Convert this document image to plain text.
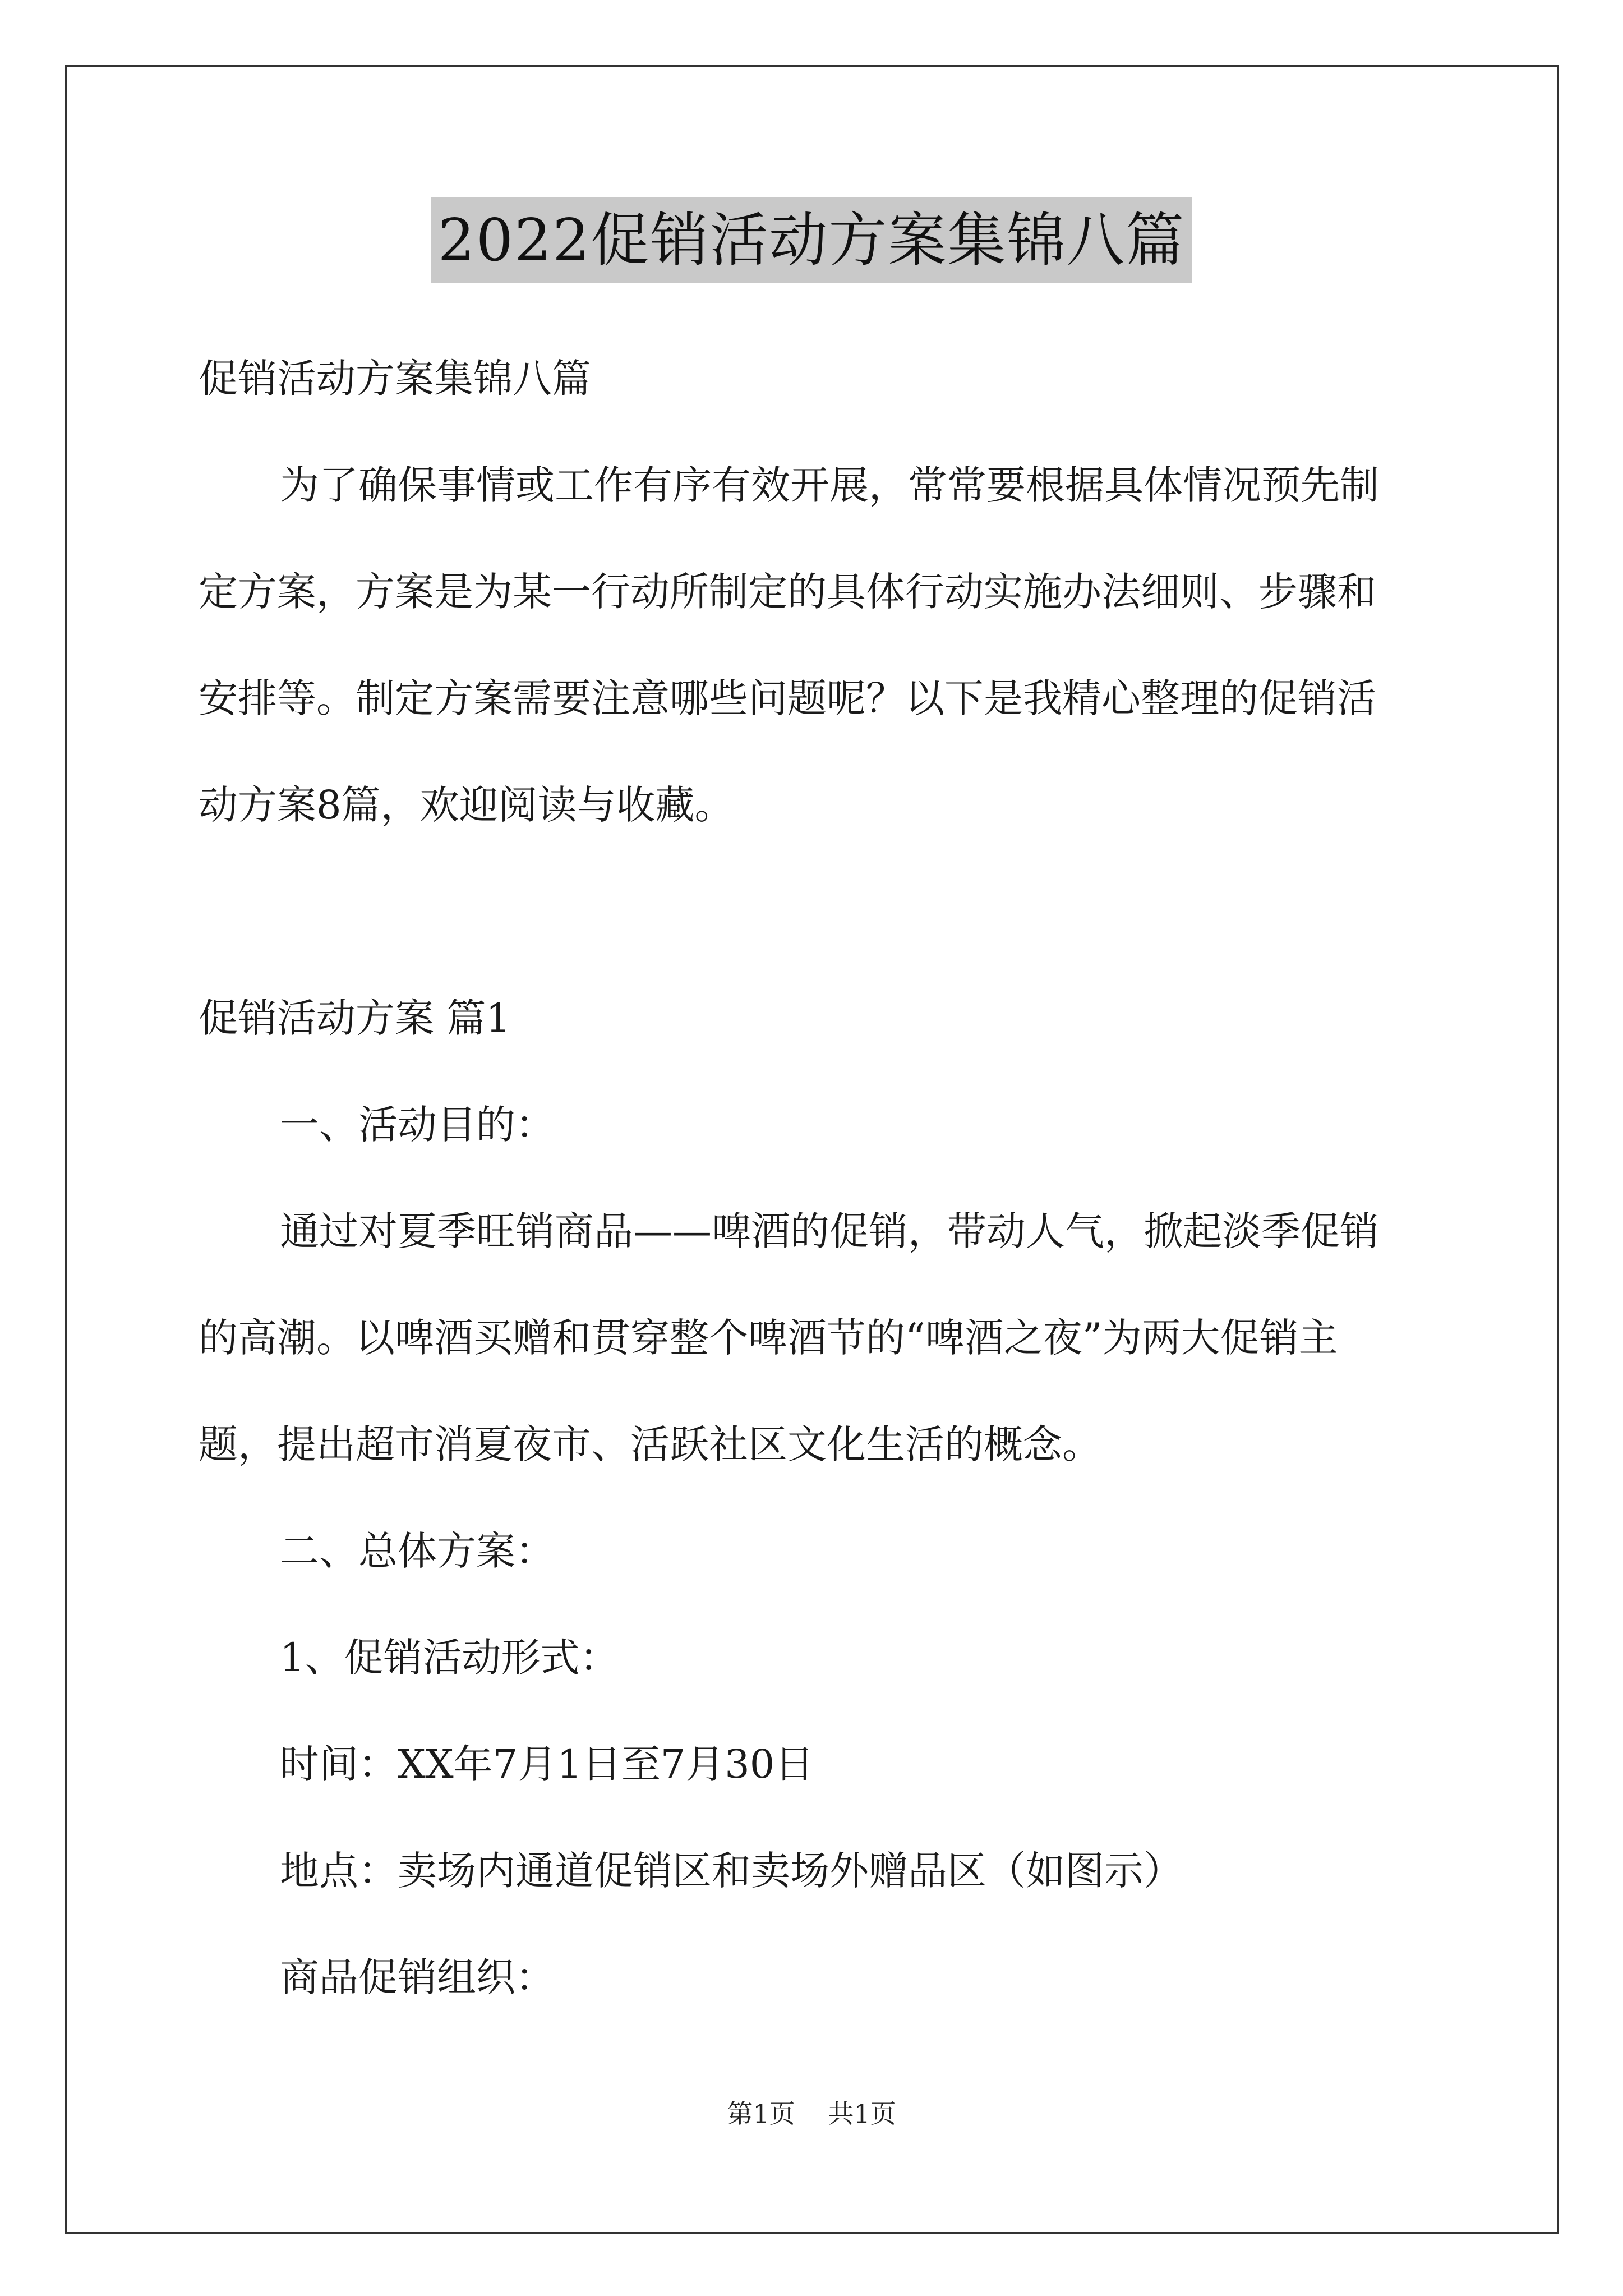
2022促销活动方案集锦八篇

促销活动方案集锦八篇

为了确保事情或工作有序有效开展，常常要根据具体情况预先制

定方案，方案是为某一行动所制定的具体行动实施办法细则、步骤和

安排等。制定方案需要注意哪些问题呢？以下是我精心整理的促销活

动方案8篇，欢迎阅读与收藏。

促销活动方案 篇1

一、活动目的：

通过对夏季旺销商品——啤酒的促销，带动人气，掀起淡季促销

的高潮。以啤酒买赠和贯穿整个啤酒节的“啤酒之夜”为两大促销主

题，提出超市消夏夜市、活跃社区文化生活的概念。

二、总体方案：

1、促销活动形式：

时间：XX年7月1日至7月30日

地点：卖场内通道促销区和卖场外赠品区（如图示）

商品促销组织：

第1页 共1页
